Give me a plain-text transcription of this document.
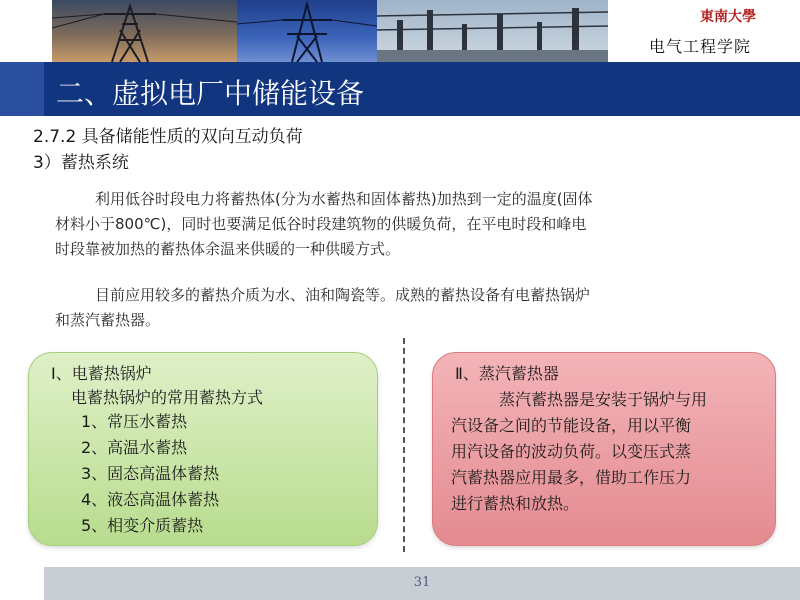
東南大學
电气工程学院
二、虚拟电厂中储能设备
2.7.2 具备储能性质的双向互动负荷
3）蓄热系统
利用低谷时段电力将蓄热体(分为水蓄热和固体蓄热)加热到一定的温度(固体
材料小于800℃)，同时也要满足低谷时段建筑物的供暖负荷，在平电时段和峰电
时段靠被加热的蓄热体余温来供暖的一种供暖方式。
目前应用较多的蓄热介质为水、油和陶瓷等。成熟的蓄热设备有电蓄热锅炉
和蒸汽蓄热器。
Ⅰ、电蓄热锅炉
电蓄热锅炉的常用蓄热方式
1、常压水蓄热
2、高温水蓄热
3、固态高温体蓄热
4、液态高温体蓄热
5、相变介质蓄热
Ⅱ、蒸汽蓄热器
蒸汽蓄热器是安装于锅炉与用
汽设备之间的节能设备，用以平衡
用汽设备的波动负荷。以变压式蒸
汽蓄热器应用最多，借助工作压力
进行蓄热和放热。
31
